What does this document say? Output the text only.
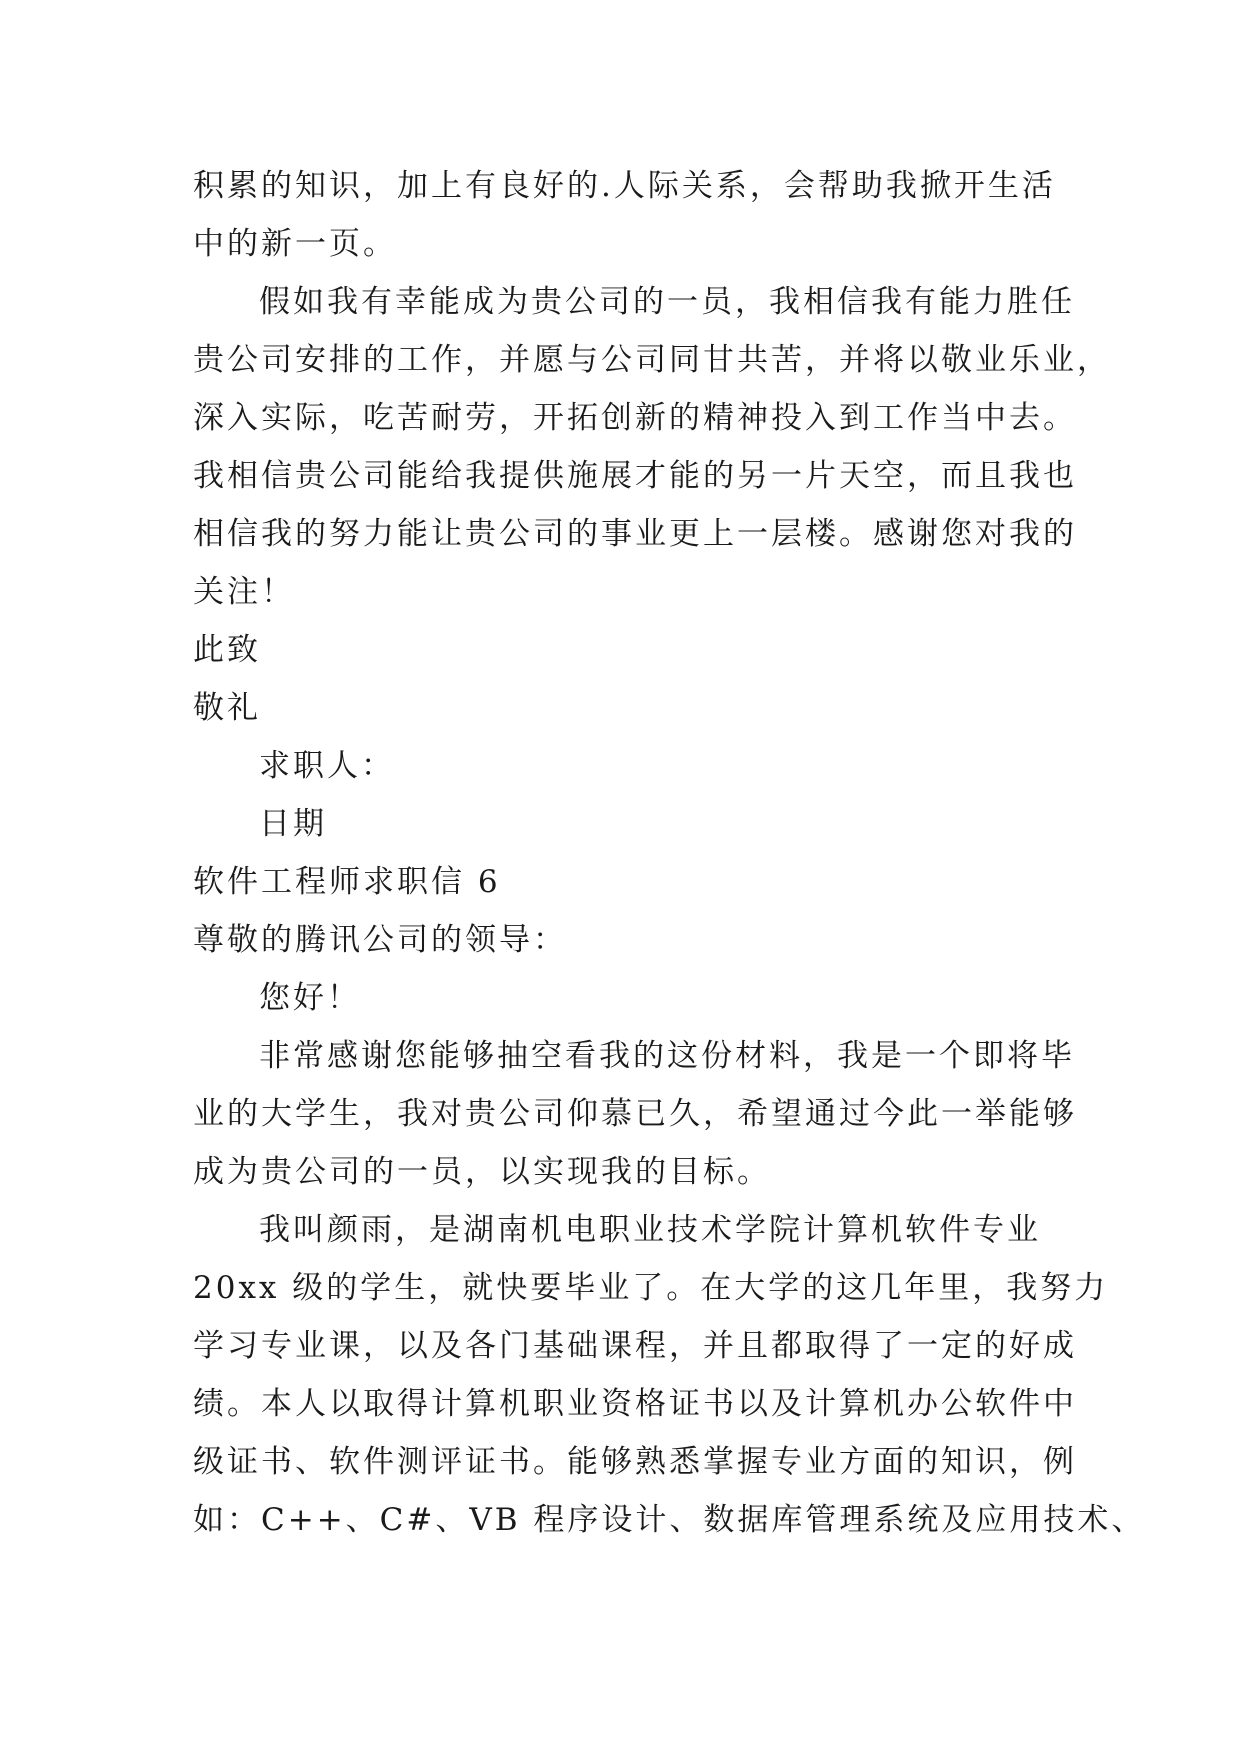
积累的知识，加上有良好的.人际关系，会帮助我掀开生活
中的新一页。
假如我有幸能成为贵公司的一员，我相信我有能力胜任
贵公司安排的工作，并愿与公司同甘共苦，并将以敬业乐业，
深入实际，吃苦耐劳，开拓创新的精神投入到工作当中去。
我相信贵公司能给我提供施展才能的另一片天空，而且我也
相信我的努力能让贵公司的事业更上一层楼。感谢您对我的
关注！
此致
敬礼
求职人：
日期
软件工程师求职信 6
尊敬的腾讯公司的领导：
您好！
非常感谢您能够抽空看我的这份材料，我是一个即将毕
业的大学生，我对贵公司仰慕已久，希望通过今此一举能够
成为贵公司的一员，以实现我的目标。
我叫颜雨，是湖南机电职业技术学院计算机软件专业
20xx 级的学生，就快要毕业了。在大学的这几年里，我努力
学习专业课，以及各门基础课程，并且都取得了一定的好成
绩。本人以取得计算机职业资格证书以及计算机办公软件中
级证书、软件测评证书。能够熟悉掌握专业方面的知识，例
如：C++、C#、VB 程序设计、数据库管理系统及应用技术、
